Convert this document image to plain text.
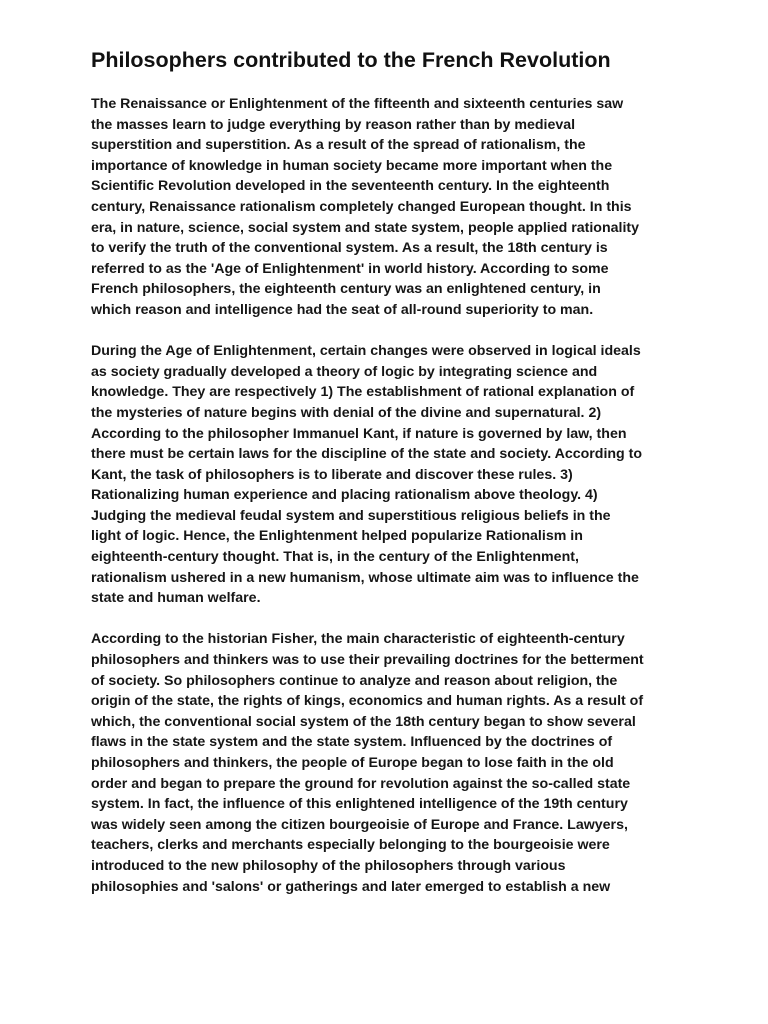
Philosophers contributed to the French Revolution

The Renaissance or Enlightenment of the fifteenth and sixteenth centuries saw
the masses learn to judge everything by reason rather than by medieval
superstition and superstition. As a result of the spread of rationalism, the
importance of knowledge in human society became more important when the
Scientific Revolution developed in the seventeenth century. In the eighteenth
century, Renaissance rationalism completely changed European thought. In this
era, in nature, science, social system and state system, people applied rationality
to verify the truth of the conventional system. As a result, the 18th century is
referred to as the 'Age of Enlightenment' in world history. According to some
French philosophers, the eighteenth century was an enlightened century, in
which reason and intelligence had the seat of all-round superiority to man.

During the Age of Enlightenment, certain changes were observed in logical ideals
as society gradually developed a theory of logic by integrating science and
knowledge. They are respectively 1) The establishment of rational explanation of
the mysteries of nature begins with denial of the divine and supernatural. 2)
According to the philosopher Immanuel Kant, if nature is governed by law, then
there must be certain laws for the discipline of the state and society. According to
Kant, the task of philosophers is to liberate and discover these rules. 3)
Rationalizing human experience and placing rationalism above theology. 4)
Judging the medieval feudal system and superstitious religious beliefs in the
light of logic. Hence, the Enlightenment helped popularize Rationalism in
eighteenth-century thought. That is, in the century of the Enlightenment,
rationalism ushered in a new humanism, whose ultimate aim was to influence the
state and human welfare.

According to the historian Fisher, the main characteristic of eighteenth-century
philosophers and thinkers was to use their prevailing doctrines for the betterment
of society. So philosophers continue to analyze and reason about religion, the
origin of the state, the rights of kings, economics and human rights. As a result of
which, the conventional social system of the 18th century began to show several
flaws in the state system and the state system. Influenced by the doctrines of
philosophers and thinkers, the people of Europe began to lose faith in the old
order and began to prepare the ground for revolution against the so-called state
system. In fact, the influence of this enlightened intelligence of the 19th century
was widely seen among the citizen bourgeoisie of Europe and France. Lawyers,
teachers, clerks and merchants especially belonging to the bourgeoisie were
introduced to the new philosophy of the philosophers through various
philosophies and 'salons' or gatherings and later emerged to establish a new
